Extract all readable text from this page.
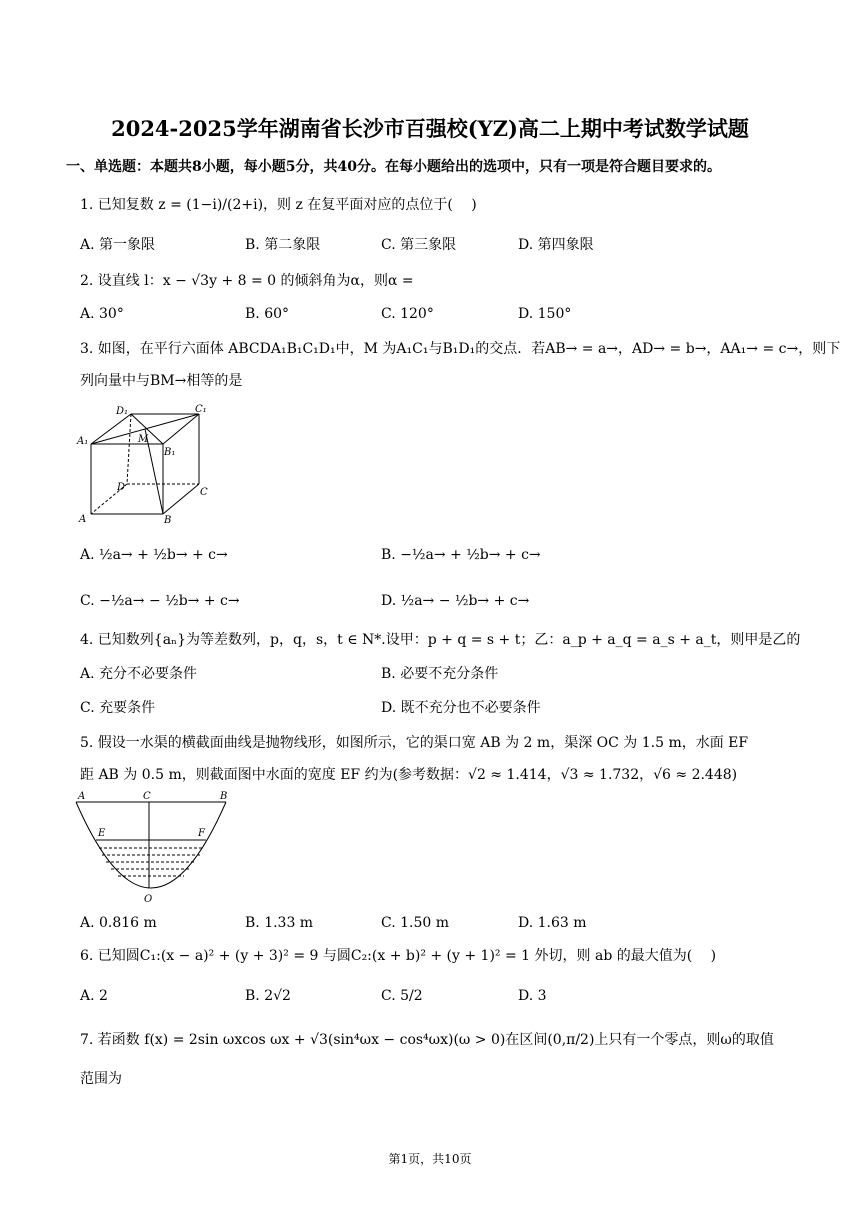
2024-2025学年湖南省长沙市百强校(YZ)高二上期中考试数学试题
一、单选题：本题共8小题，每小题5分，共40分。在每小题给出的选项中，只有一项是符合题目要求的。
1. 已知复数 z = (1−i)/(2+i)，则 z 在复平面对应的点位于(　 )
A. 第一象限	B. 第二象限	C. 第三象限	D. 第四象限
2. 设直线 l：x − √3y + 8 = 0 的倾斜角为α，则α =
A. 30°	B. 60°	C. 120°	D. 150°
3. 如图，在平行六面体 ABCDA₁B₁C₁D₁中，M 为A₁C₁与B₁D₁的交点．若AB→ = a→，AD→ = b→，AA₁→ = c→，则下
列向量中与BM→相等的是
D₁	C₁
A₁	M
B₁
D	C
A	B
A. ½a→ + ½b→ + c→	B. −½a→ + ½b→ + c→
C. −½a→ − ½b→ + c→	D. ½a→ − ½b→ + c→
4. 已知数列{aₙ}为等差数列，p，q，s，t ∈ N*.设甲：p + q = s + t；乙：a_p + a_q = a_s + a_t，则甲是乙的
A. 充分不必要条件	B. 必要不充分条件
C. 充要条件	D. 既不充分也不必要条件
5. 假设一水渠的横截面曲线是抛物线形，如图所示，它的渠口宽 AB 为 2 m，渠深 OC 为 1.5 m，水面 EF
距 AB 为 0.5 m，则截面图中水面的宽度 EF 约为(参考数据：√2 ≈ 1.414，√3 ≈ 1.732，√6 ≈ 2.448)
A	C	B
E	F
O
A. 0.816 m	B. 1.33 m	C. 1.50 m	D. 1.63 m
6. 已知圆C₁:(x − a)² + (y + 3)² = 9 与圆C₂:(x + b)² + (y + 1)² = 1 外切，则 ab 的最大值为(　 )
A. 2	B. 2√2	C. 5/2	D. 3
7. 若函数 f(x) = 2sin ωxcos ωx + √3(sin⁴ωx − cos⁴ωx)(ω > 0)在区间(0,π/2)上只有一个零点，则ω的取值
范围为
第1页，共10页
